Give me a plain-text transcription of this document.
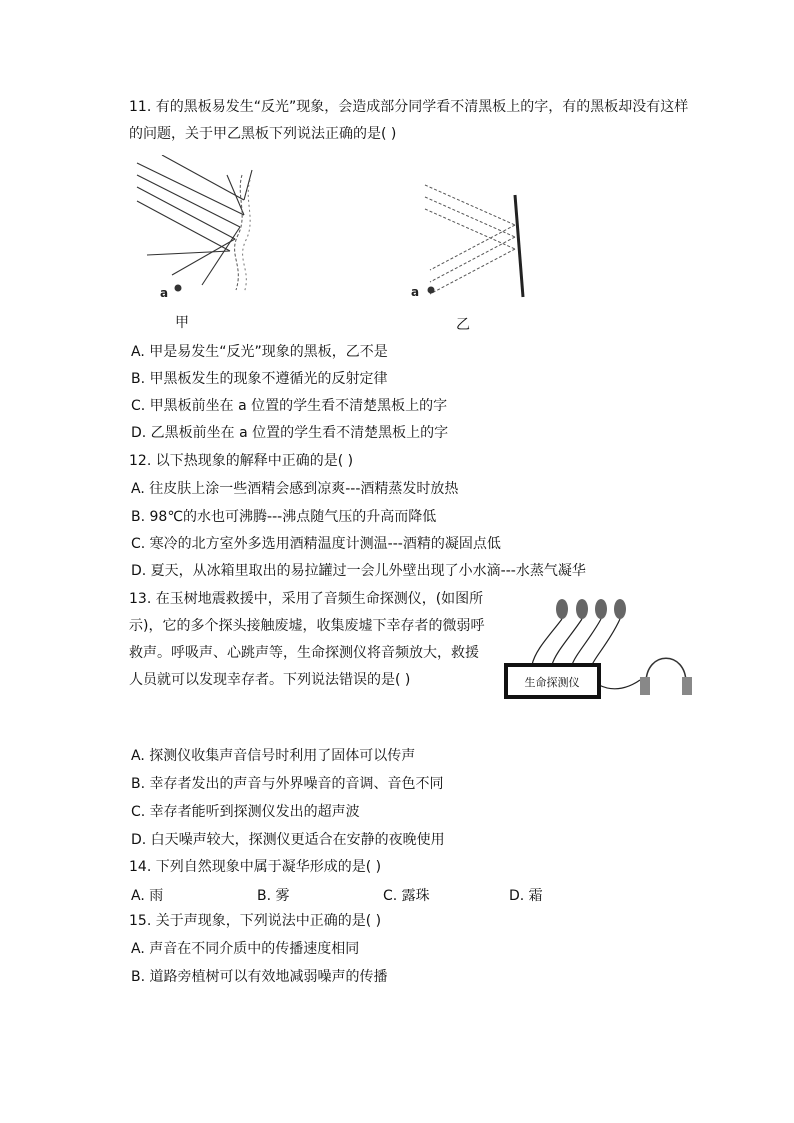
11. 有的黑板易发生“反光”现象，会造成部分同学看不清黑板上的字，有的黑板却没有这样
的问题，关于甲乙黑板下列说法正确的是( )
a
甲
a
乙
A. 甲是易发生“反光”现象的黑板，乙不是
B. 甲黑板发生的现象不遵循光的反射定律
C. 甲黑板前坐在 a 位置的学生看不清楚黑板上的字
D. 乙黑板前坐在 a 位置的学生看不清楚黑板上的字
12. 以下热现象的解释中正确的是( )
A. 往皮肤上涂一些酒精会感到凉爽---酒精蒸发时放热
B. 98℃的水也可沸腾---沸点随气压的升高而降低
C. 寒冷的北方室外多选用酒精温度计测温---酒精的凝固点低
D. 夏天，从冰箱里取出的易拉罐过一会儿外壁出现了小水滴---水蒸气凝华
13. 在玉树地震救援中，采用了音频生命探测仪，(如图所
示)，它的多个探头接触废墟，收集废墟下幸存者的微弱呼
救声。呼吸声、心跳声等，生命探测仪将音频放大，救援
人员就可以发现幸存者。下列说法错误的是( )	生命探测仪
A. 探测仪收集声音信号时利用了固体可以传声
B. 幸存者发出的声音与外界噪音的音调、音色不同
C. 幸存者能听到探测仪发出的超声波
D. 白天噪声较大，探测仪更适合在安静的夜晚使用
14. 下列自然现象中属于凝华形成的是( )
A. 雨	B. 雾	C. 露珠	D. 霜
15. 关于声现象，下列说法中正确的是( )
A. 声音在不同介质中的传播速度相同
B. 道路旁植树可以有效地减弱噪声的传播
